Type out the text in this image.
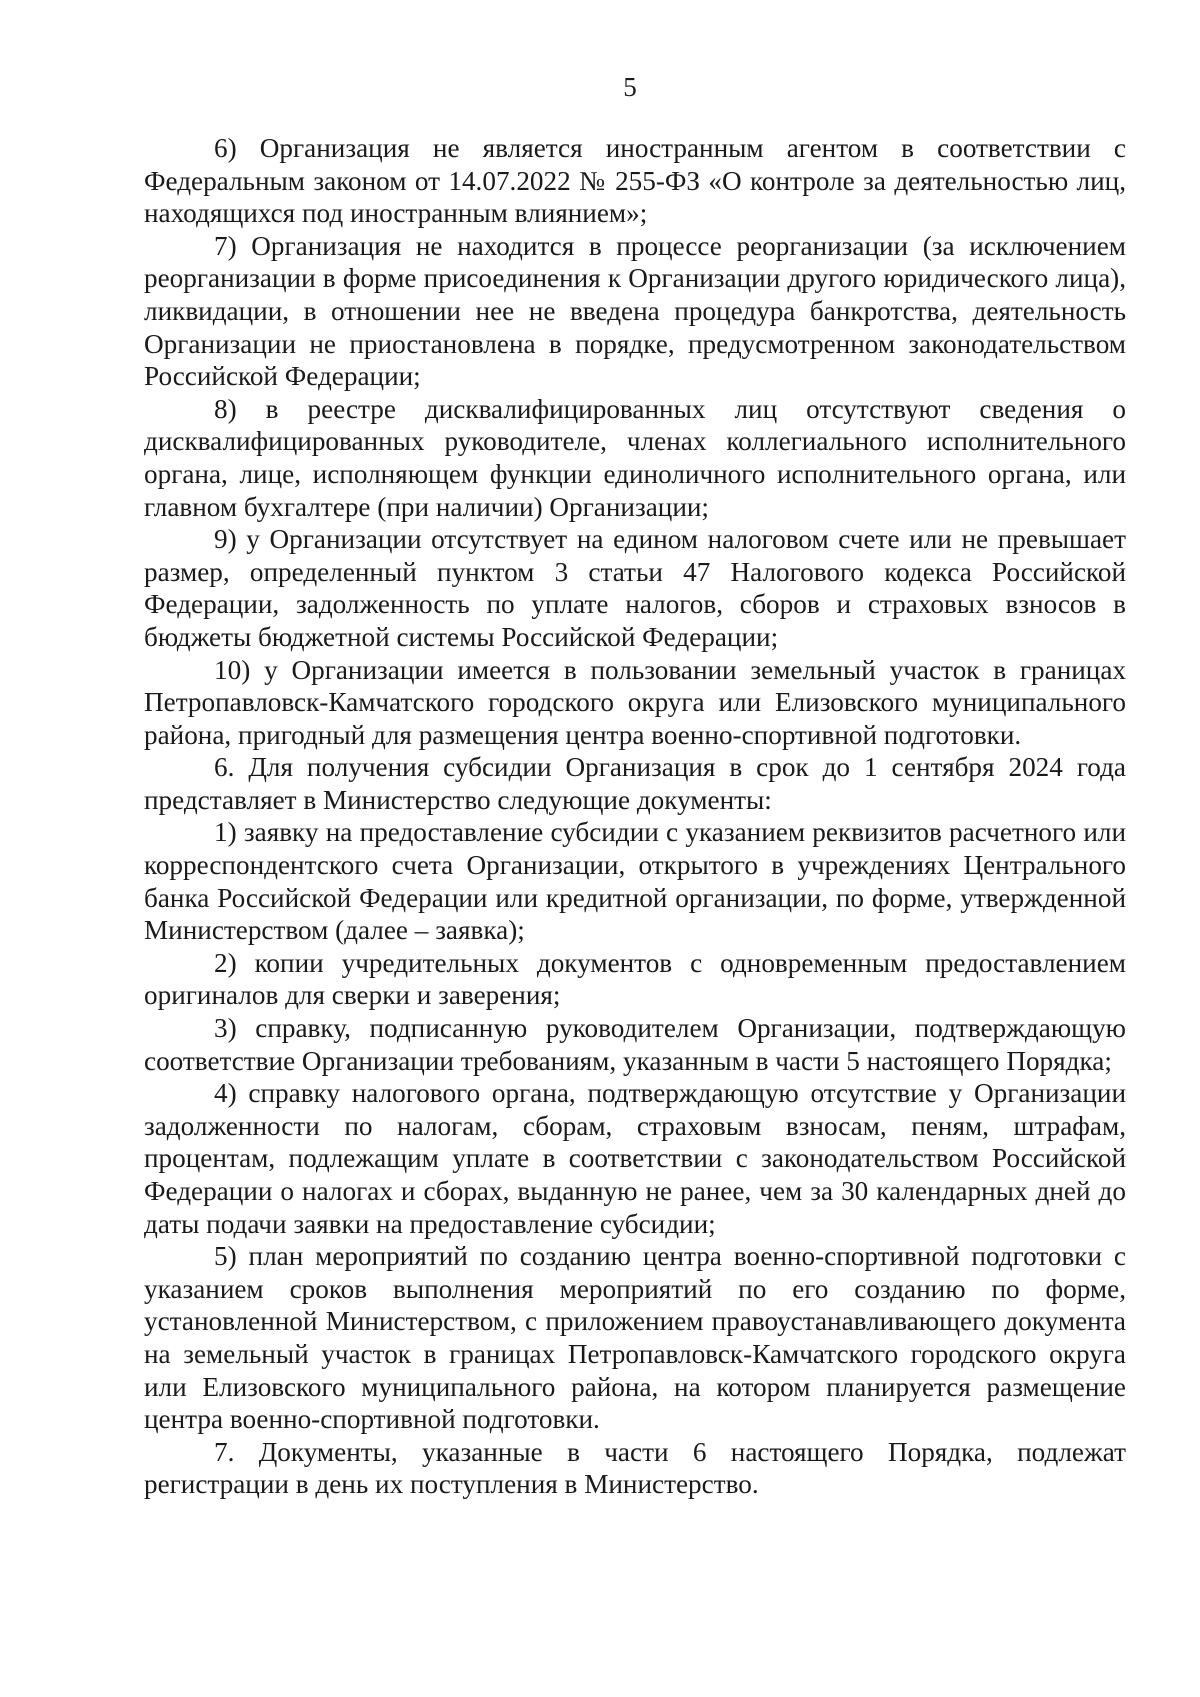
5

6) Организация не является иностранным агентом в соответствии с Федеральным законом от 14.07.2022 № 255-ФЗ «О контроле за деятельностью лиц, находящихся под иностранным влиянием»;

7) Организация не находится в процессе реорганизации (за исключением реорганизации в форме присоединения к Организации другого юридического лица), ликвидации, в отношении нее не введена процедура банкротства, деятельность Организации не приостановлена в порядке, предусмотренном законодательством Российской Федерации;

8) в реестре дисквалифицированных лиц отсутствуют сведения о дисквалифицированных руководителе, членах коллегиального исполнительного органа, лице, исполняющем функции единоличного исполнительного органа, или главном бухгалтере (при наличии) Организации;

9) у Организации отсутствует на едином налоговом счете или не превышает размер, определенный пунктом 3 статьи 47 Налогового кодекса Российской Федерации, задолженность по уплате налогов, сборов и страховых взносов в бюджеты бюджетной системы Российской Федерации;

10) у Организации имеется в пользовании земельный участок в границах Петропавловск-Камчатского городского округа или Елизовского муниципального района, пригодный для размещения центра военно-спортивной подготовки.

6. Для получения субсидии Организация в срок до 1 сентября 2024 года представляет в Министерство следующие документы:

1) заявку на предоставление субсидии с указанием реквизитов расчетного или корреспондентского счета Организации, открытого в учреждениях Центрального банка Российской Федерации или кредитной организации, по форме, утвержденной Министерством (далее – заявка);

2) копии учредительных документов с одновременным предоставлением оригиналов для сверки и заверения;

3) справку, подписанную руководителем Организации, подтверждающую соответствие Организации требованиям, указанным в части 5 настоящего Порядка;

4) справку налогового органа, подтверждающую отсутствие у Организации задолженности по налогам, сборам, страховым взносам, пеням, штрафам, процентам, подлежащим уплате в соответствии с законодательством Российской Федерации о налогах и сборах, выданную не ранее, чем за 30 календарных дней до даты подачи заявки на предоставление субсидии;

5) план мероприятий по созданию центра военно-спортивной подготовки с указанием сроков выполнения мероприятий по его созданию по форме, установленной Министерством, с приложением правоустанавливающего документа на земельный участок в границах Петропавловск-Камчатского городского округа или Елизовского муниципального района, на котором планируется размещение центра военно-спортивной подготовки.

7. Документы, указанные в части 6 настоящего Порядка, подлежат регистрации в день их поступления в Министерство.
